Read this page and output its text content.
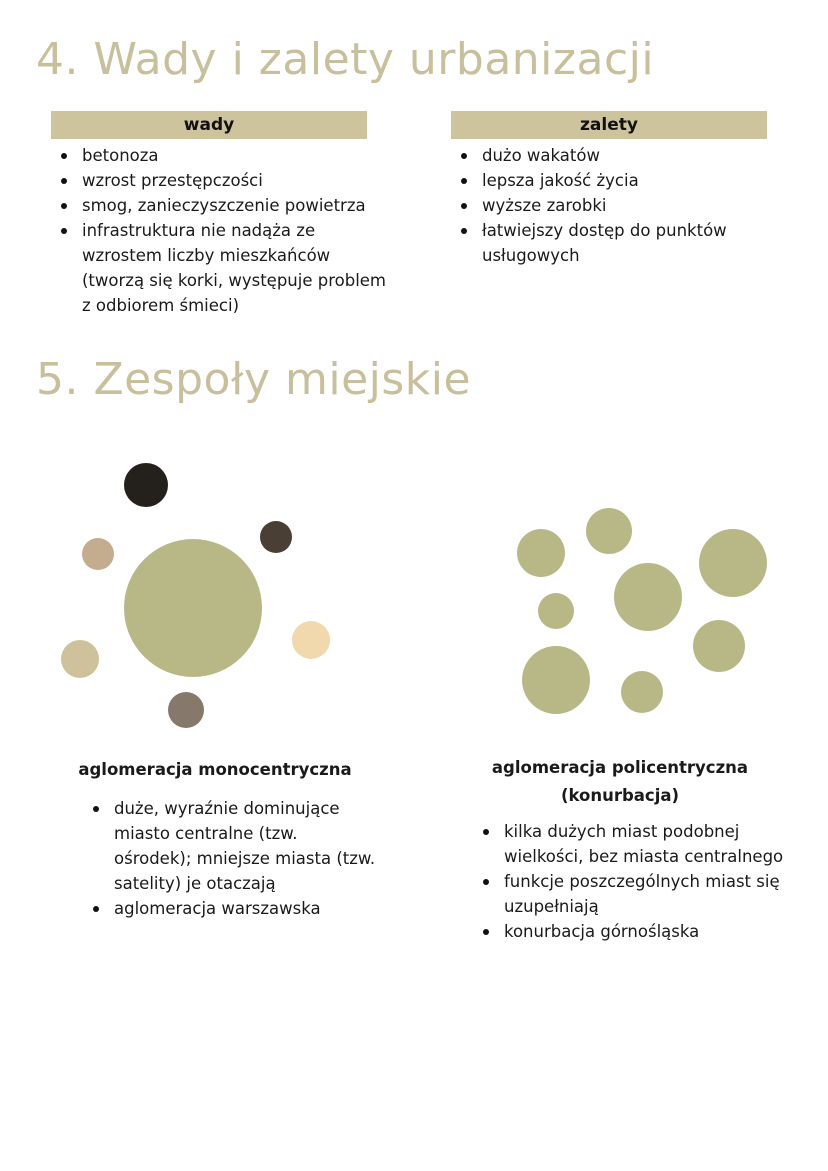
4. Wady i zalety urbanizacji
wady	zalety
betonoza
wzrost przestępczości
smog, zanieczyszczenie powietrza
infrastruktura nie nadąża ze wzrostem liczby mieszkańców (tworzą się korki, występuje problem z odbiorem śmieci)
dużo wakatów
lepsza jakość życia
wyższe zarobki
łatwiejszy dostęp do punktów usługowych
5. Zespoły miejskie
aglomeracja monocentryczna
duże, wyraźnie dominujące miasto centralne (tzw. ośrodek); mniejsze miasta (tzw. satelity) je otaczają
aglomeracja warszawska
aglomeracja policentryczna
(konurbacja)
kilka dużych miast podobnej wielkości, bez miasta centralnego
funkcje poszczególnych miast się uzupełniają
konurbacja górnośląska
